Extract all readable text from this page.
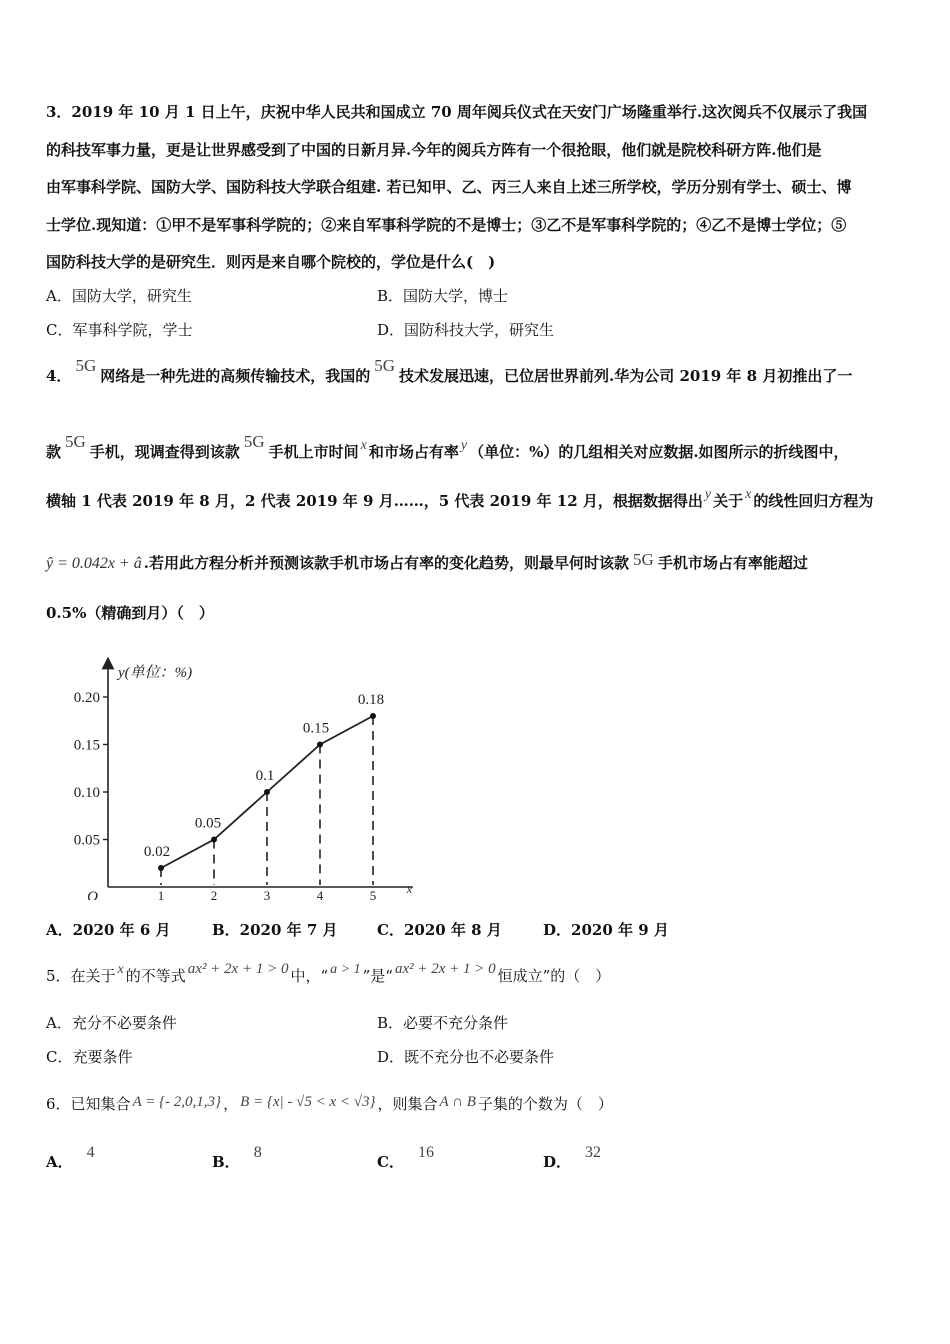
3．2019 年 10 月 1 日上午，庆祝中华人民共和国成立 70 周年阅兵仪式在天安门广场隆重举行.这次阅兵不仅展示了我国
的科技军事力量，更是让世界感受到了中国的日新月异.今年的阅兵方阵有一个很抢眼，他们就是院校科研方阵.他们是
由军事科学院、国防大学、国防科技大学联合组建. 若已知甲、乙、丙三人来自上述三所学校，学历分别有学士、硕士、博
士学位.现知道：①甲不是军事科学院的；②来自军事科学院的不是博士；③乙不是军事科学院的；④乙不是博士学位；⑤
国防科技大学的是研究生．则丙是来自哪个院校的，学位是什么(　)
A．国防大学，研究生	B．国防大学，博士
C．军事科学院，学士	D．国防科技大学，研究生
4．5G网络是一种先进的高频传输技术，我国的5G技术发展迅速，已位居世界前列.华为公司 2019 年 8 月初推出了一
款5G手机，现调查得到该款5G手机上市时间 x 和市场占有率 y （单位：%）的几组相关对应数据.如图所示的折线图中，
横轴 1 代表 2019 年 8 月，2 代表 2019 年 9 月……，5 代表 2019 年 12 月，根据数据得出 y 关于 x 的线性回归方程为
ŷ = 0.042x + â .若用此方程分析并预测该款手机市场占有率的变化趋势，则最早何时该款 5G 手机市场占有率能超过
0.5%（精确到月）（　）
0.05
0.10
0.15
0.20
1	2	3	4	5
y(单位：%)
x
O
0.02
0.05
0.1
0.15
0.18
A．2020 年 6 月	B．2020 年 7 月	C．2020 年 8 月	D．2020 年 9 月
5．在关于 x 的不等式 ax² + 2x + 1 > 0 中，“ a > 1 ”是“ ax² + 2x + 1 > 0 恒成立”的（　）
A．充分不必要条件	B．必要不充分条件
C．充要条件	D．既不充分也不必要条件
6．已知集合 A = {- 2,0,1,3} ， B = {x| - √5 < x < √3} ，则集合 A ∩ B 子集的个数为（　）
A．4
B．8
C．16
D．32
